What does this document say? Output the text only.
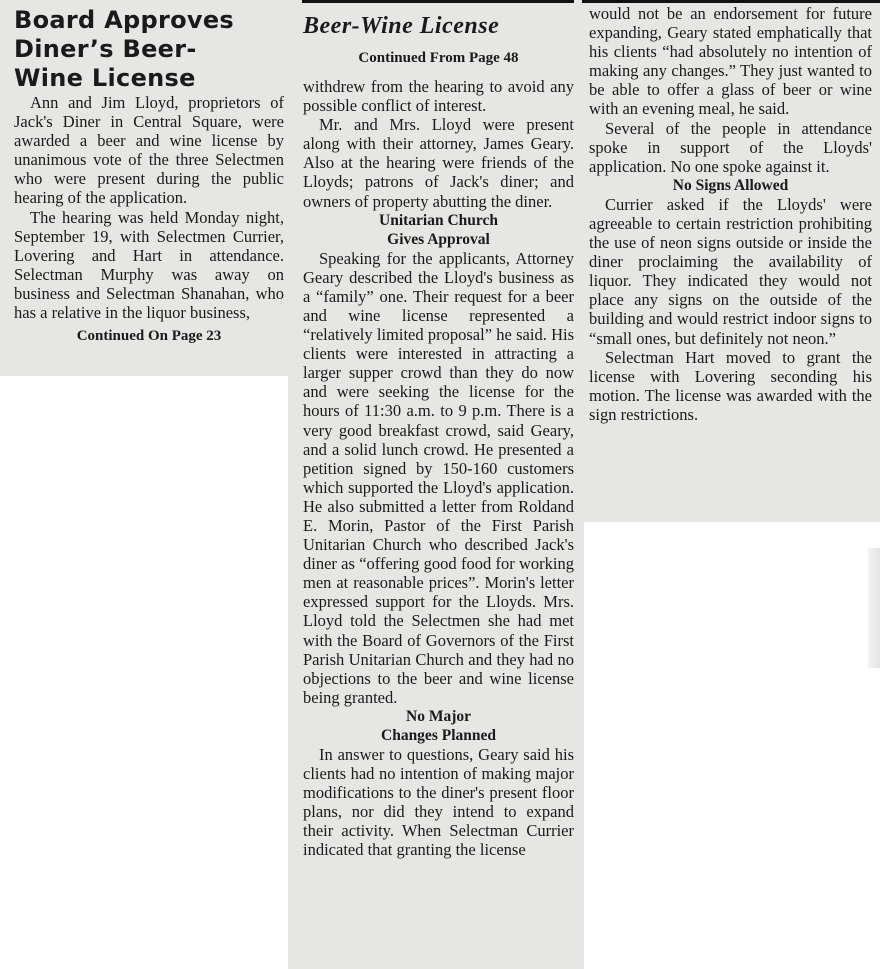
Board Approves
Diner’s Beer-
Wine License

Ann and Jim Lloyd, proprietors of Jack's Diner in Central Square, were awarded a beer and wine license by unanimous vote of the three Selectmen who were present during the public hearing of the application.

The hearing was held Monday night, September 19, with Selectmen Currier, Lovering and Hart in attendance. Selectman Murphy was away on business and Selectman Shanahan, who has a relative in the liquor business,

Continued On Page 23
Beer-Wine License
Continued From Page 48

withdrew from the hearing to avoid any possible conflict of interest.

Mr. and Mrs. Lloyd were present along with their attorney, James Geary. Also at the hearing were friends of the Lloyds; patrons of Jack's diner; and owners of property abutting the diner.

Unitarian Church
Gives Approval

Speaking for the applicants, Attorney Geary described the Lloyd's business as a “family” one. Their request for a beer and wine license represented a “relatively limited proposal” he said. His clients were interested in attracting a larger supper crowd than they do now and were seeking the license for the hours of 11:30 a.m. to 9 p.m. There is a very good breakfast crowd, said Geary, and a solid lunch crowd. He presented a petition signed by 150-160 customers which supported the Lloyd's application. He also submitted a letter from Roldand E. Morin, Pastor of the First Parish Unitarian Church who described Jack's diner as “offering good food for working men at reasonable prices”. Morin's letter expressed support for the Lloyds. Mrs. Lloyd told the Selectmen she had met with the Board of Governors of the First Parish Unitarian Church and they had no objections to the beer and wine license being granted.

No Major
Changes Planned

In answer to questions, Geary said his clients had no intention of making major modifications to the diner's present floor plans, nor did they intend to expand their activity. When Selectman Currier indicated that granting the license

would not be an endorsement for future expanding, Geary stated emphatically that his clients “had absolutely no intention of making any changes.” They just wanted to be able to offer a glass of beer or wine with an evening meal, he said.

Several of the people in attendance spoke in support of the Lloyds' application. No one spoke against it.

No Signs Allowed

Currier asked if the Lloyds' were agreeable to certain restriction prohibiting the use of neon signs outside or inside the diner proclaiming the availability of liquor. They indicated they would not place any signs on the outside of the building and would restrict indoor signs to “small ones, but definitely not neon.”

Selectman Hart moved to grant the license with Lovering seconding his motion. The license was awarded with the sign restrictions.
